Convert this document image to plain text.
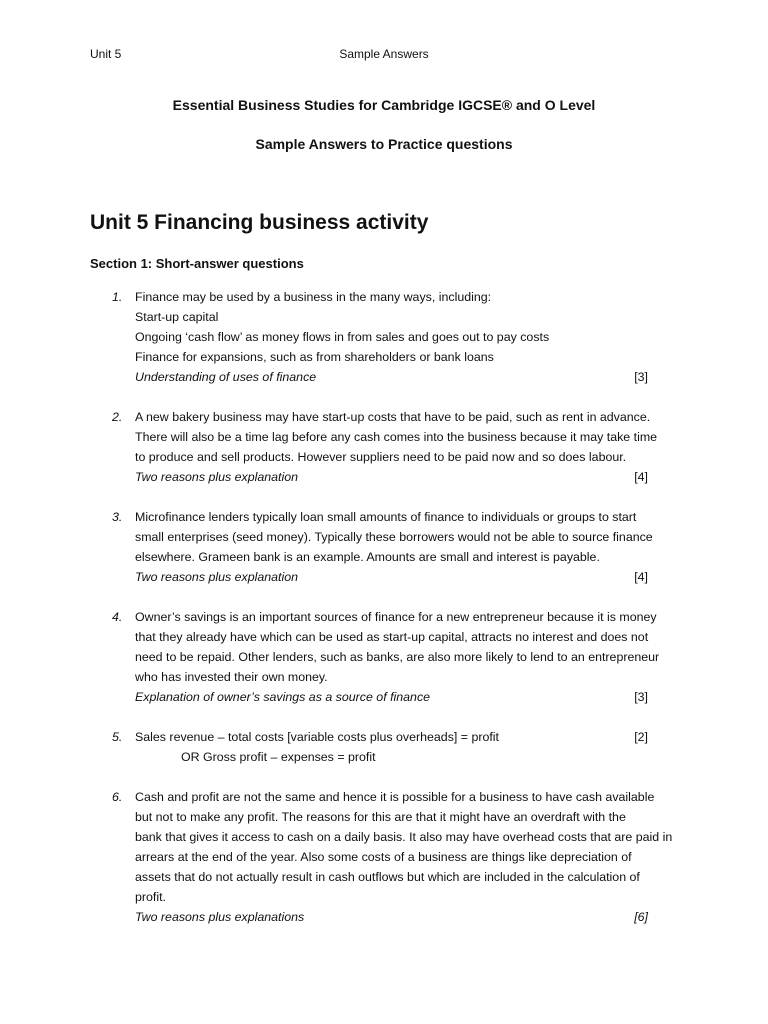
Unit 5	Sample Answers
Essential Business Studies for Cambridge IGCSE® and O Level
Sample Answers to Practice questions
Unit 5 Financing business activity
Section 1: Short-answer questions
1. Finance may be used by a business in the many ways, including:
Start-up capital
Ongoing ‘cash flow’ as money flows in from sales and goes out to pay costs
Finance for expansions, such as from shareholders or bank loans
Understanding of uses of finance	[3]
2. A new bakery business may have start-up costs that have to be paid, such as rent in advance.
There will also be a time lag before any cash comes into the business because it may take time
to produce and sell products. However suppliers need to be paid now and so does labour.
Two reasons plus explanation	[4]
3. Microfinance lenders typically loan small amounts of finance to individuals or groups to start
small enterprises (seed money). Typically these borrowers would not be able to source finance
elsewhere. Grameen bank is an example. Amounts are small and interest is payable.
Two reasons plus explanation	[4]
4. Owner’s savings is an important sources of finance for a new entrepreneur because it is money
that they already have which can be used as start-up capital, attracts no interest and does not
need to be repaid. Other lenders, such as banks, are also more likely to lend to an entrepreneur
who has invested their own money.
Explanation of owner’s savings as a source of finance	[3]
5. Sales revenue – total costs [variable costs plus overheads] = profit	[2]
OR Gross profit – expenses = profit
6. Cash and profit are not the same and hence it is possible for a business to have cash available
but not to make any profit. The reasons for this are that it might have an overdraft with the
bank that gives it access to cash on a daily basis. It also may have overhead costs that are paid in
arrears at the end of the year. Also some costs of a business are things like depreciation of
assets that do not actually result in cash outflows but which are included in the calculation of
profit.
Two reasons plus explanations	[6]
